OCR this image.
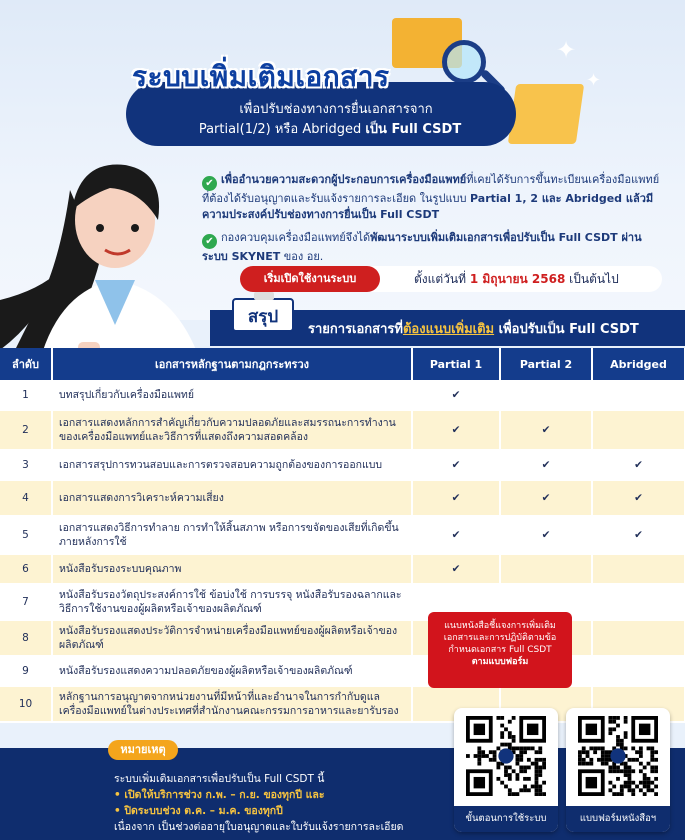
✦
✦
ระบบเพิ่มเติมเอกสาร
เพื่อปรับช่องทางการยื่นเอกสารจาก
Partial(1/2) หรือ Abridged เป็น Full CSDT
✔ เพื่ออำนวยความสะดวกผู้ประกอบการเครื่องมือแพทย์ที่เคยได้รับการขึ้นทะเบียนเครื่องมือแพทย์ที่ต้องได้รับอนุญาตและรับแจ้งรายการละเอียด ในรูปแบบ Partial 1, 2 และ Abridged แล้วมีความประสงค์ปรับช่องทางการยื่นเป็น Full CSDT
✔ กองควบคุมเครื่องมือแพทย์จึงได้พัฒนาระบบเพิ่มเติมเอกสารเพื่อปรับเป็น Full CSDT ผ่านระบบ SKYNET ของ อย.
เริ่มเปิดใช้งานระบบ	ตั้งแต่วันที่ 1 มิถุนายน 2568 เป็นต้นไป
สรุป
รายการเอกสารที่ต้องแนบเพิ่มเติม เพื่อปรับเป็น Full CSDT
ลำดับ	เอกสารหลักฐานตามกฎกระทรวง	Partial 1	Partial 2	Abridged
1	บทสรุปเกี่ยวกับเครื่องมือแพทย์	✔		
2	เอกสารแสดงหลักการสำคัญเกี่ยวกับความปลอดภัยและสมรรถนะการทำงานของเครื่องมือแพทย์และวิธีการที่แสดงถึงความสอดคล้อง	✔	✔	
3	เอกสารสรุปการทวนสอบและการตรวจสอบความถูกต้องของการออกแบบ	✔	✔	✔
4	เอกสารแสดงการวิเคราะห์ความเสี่ยง	✔	✔	✔
5	เอกสารแสดงวิธีการทำลาย การทำให้สิ้นสภาพ หรือการขจัดของเสียที่เกิดขึ้นภายหลังการใช้	✔	✔	✔
6	หนังสือรับรองระบบคุณภาพ	✔		
7	หนังสือรับรองวัตถุประสงค์การใช้ ข้อบ่งใช้ การบรรจุ หนังสือรับรองฉลากและวิธีการใช้งานของผู้ผลิตหรือเจ้าของผลิตภัณฑ์			
8	หนังสือรับรองแสดงประวัติการจำหน่ายเครื่องมือแพทย์ของผู้ผลิตหรือเจ้าของผลิตภัณฑ์			
9	หนังสือรับรองแสดงความปลอดภัยของผู้ผลิตหรือเจ้าของผลิตภัณฑ์			
10	หลักฐานการอนุญาตจากหน่วยงานที่มีหน้าที่และอำนาจในการกำกับดูแลเครื่องมือแพทย์ในต่างประเทศที่สำนักงานคณะกรรมการอาหารและยารับรอง			
แนบหนังสือชี้แจงการเพิ่มเติมเอกสารและการปฏิบัติตามข้อกำหนดเอกสาร Full CSDT
ตามแบบฟอร์ม
หมายเหตุ
ระบบเพิ่มเติมเอกสารเพื่อปรับเป็น Full CSDT นี้
• เปิดให้บริการช่วง ก.พ. – ก.ย. ของทุกปี และ
• ปิดระบบช่วง ต.ค. – ม.ค. ของทุกปี
เนื่องจาก เป็นช่วงต่ออายุใบอนุญาตและใบรับแจ้งรายการละเอียด
ขั้นตอนการใช้ระบบ	แบบฟอร์มหนังสือฯ
